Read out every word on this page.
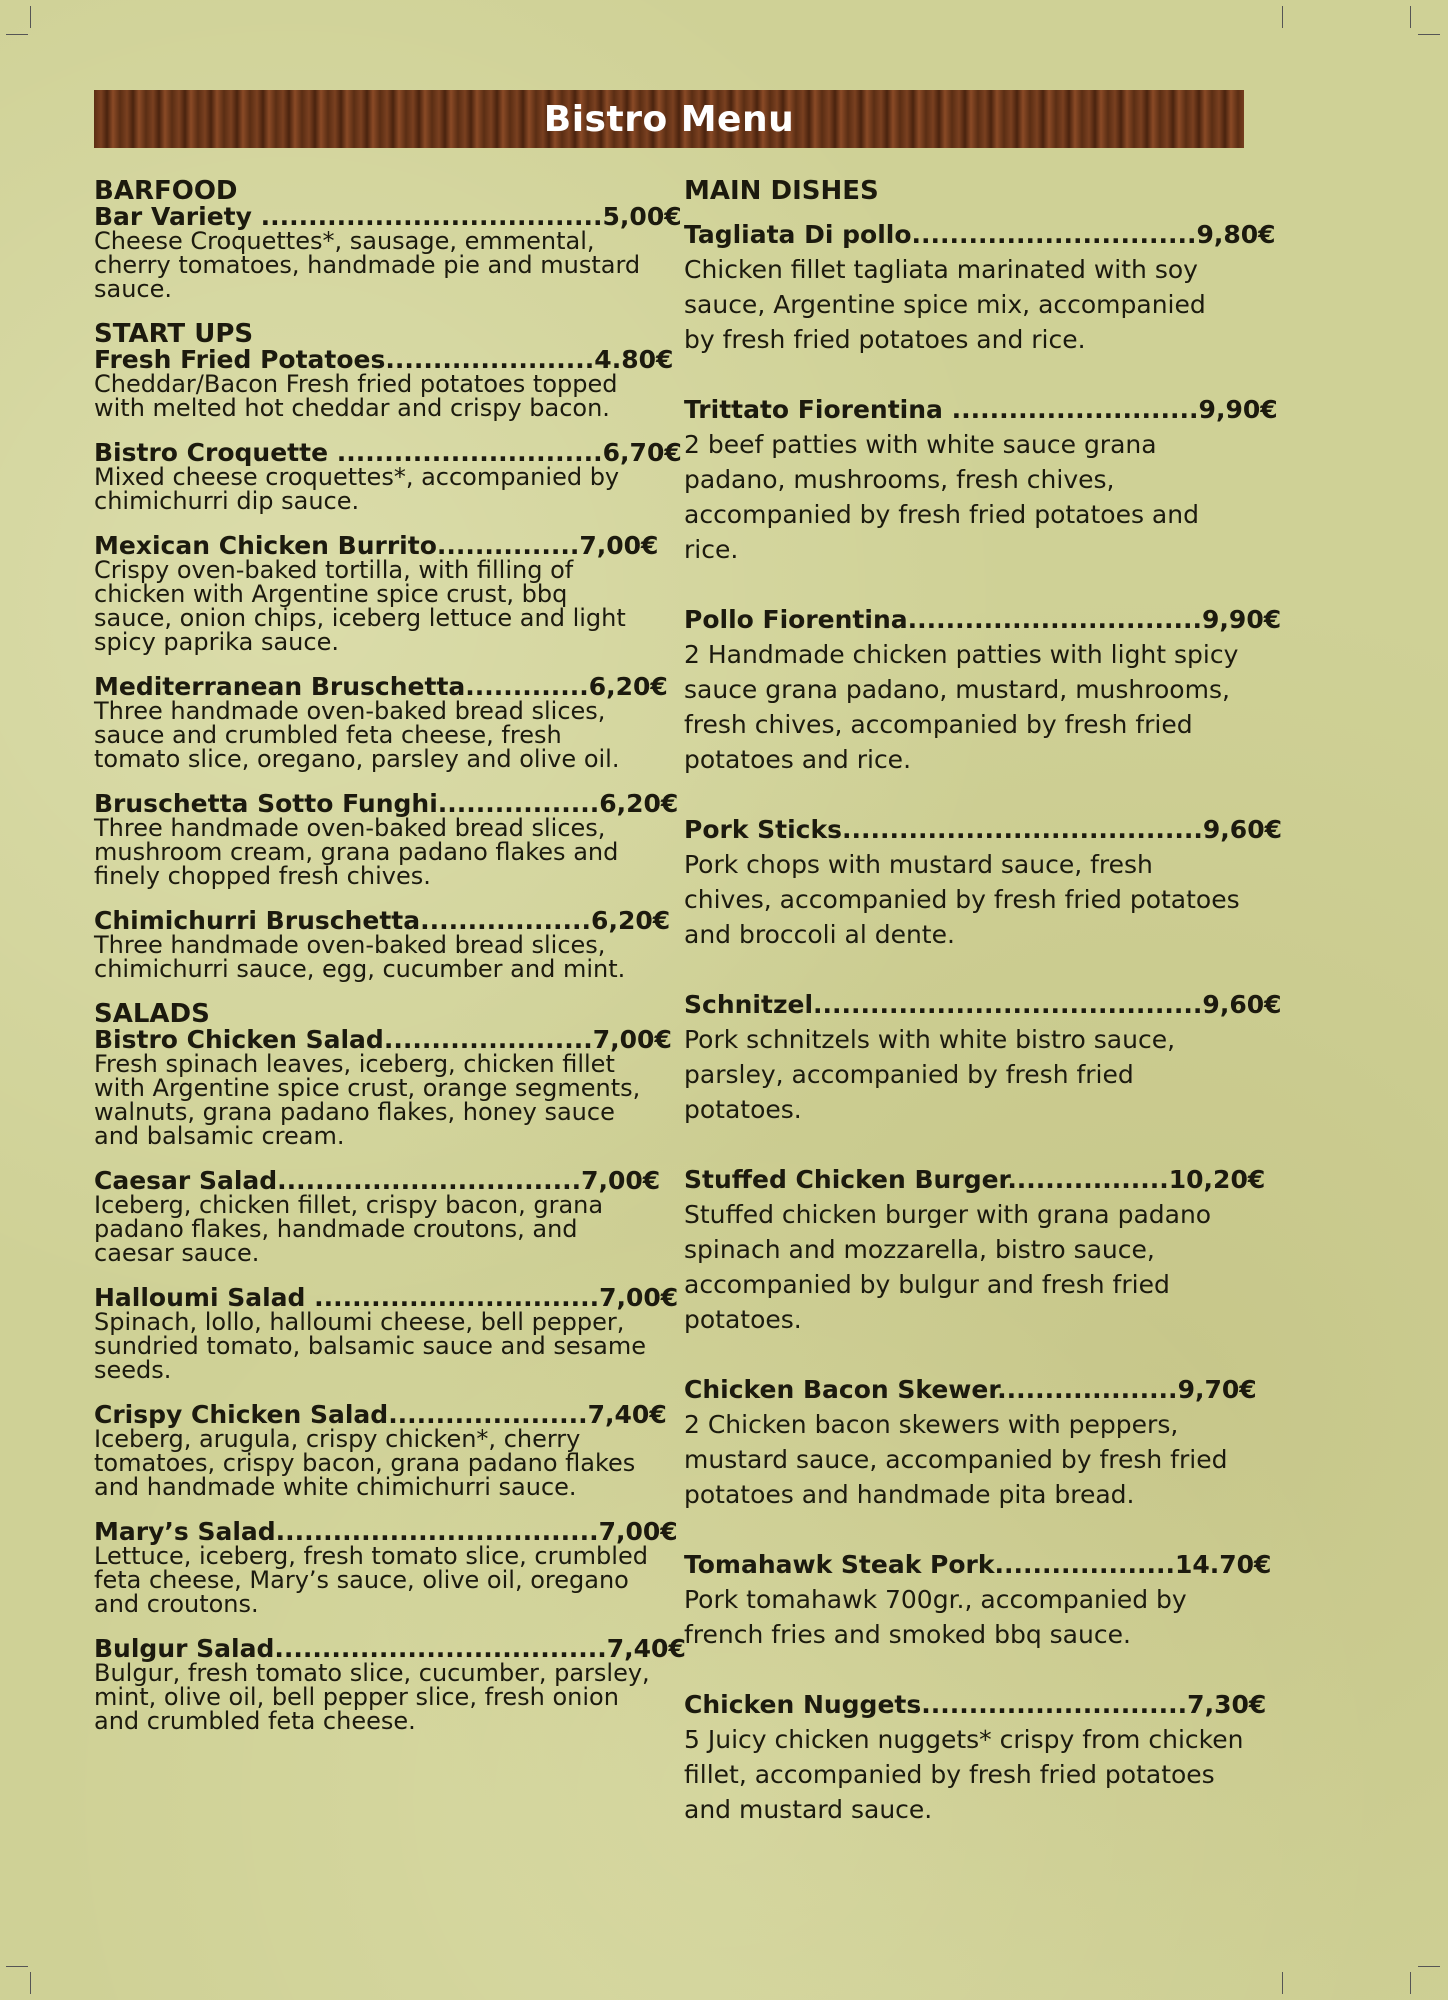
Bistro Menu
BARFOOD
Bar Variety ....................................5,00€
Cheese Croquettes*, sausage, emmental, cherry tomatoes, handmade pie and mustard sauce.
START UPS
Fresh Fried Potatoes......................4.80€
Cheddar/Bacon Fresh fried potatoes topped with melted hot cheddar and crispy bacon.
Bistro Croquette ............................6,70€
Mixed cheese croquettes*, accompanied by chimichurri dip sauce.
Mexican Chicken Burrito...............7,00€
Crispy oven-baked tortilla, with filling of chicken with Argentine spice crust, bbq sauce, onion chips, iceberg lettuce and light spicy paprika sauce.
Mediterranean Bruschetta.............6,20€
Three handmade oven-baked bread slices, sauce and crumbled feta cheese, fresh tomato slice, oregano, parsley and olive oil.
Bruschetta Sotto Funghi.................6,20€
Three handmade oven-baked bread slices, mushroom cream, grana padano flakes and finely chopped fresh chives.
Chimichurri Bruschetta..................6,20€
Three handmade oven-baked bread slices, chimichurri sauce, egg, cucumber and mint.
SALADS
Bistro Chicken Salad......................7,00€
Fresh spinach leaves, iceberg, chicken fillet with Argentine spice crust, orange segments, walnuts, grana padano flakes, honey sauce and balsamic cream.
Caesar Salad................................7,00€
Iceberg, chicken fillet, crispy bacon, grana padano flakes, handmade croutons, and caesar sauce.
Halloumi Salad ..............................7,00€
Spinach, lollo, halloumi cheese, bell pepper, sundried tomato, balsamic sauce and sesame seeds.
Crispy Chicken Salad.....................7,40€
Iceberg, arugula, crispy chicken*, cherry tomatoes, crispy bacon, grana padano flakes and handmade white chimichurri sauce.
Mary’s Salad..................................7,00€
Lettuce, iceberg, fresh tomato slice, crumbled feta cheese, Mary’s sauce, olive oil, oregano and croutons.
Bulgur Salad...................................7,40€
Bulgur, fresh tomato slice, cucumber, parsley, mint, olive oil, bell pepper slice, fresh onion and crumbled feta cheese.
MAIN DISHES
Tagliata Di pollo..............................9,80€
Chicken fillet tagliata marinated with soy sauce, Argentine spice mix, accompanied by fresh fried potatoes and rice.
Trittato Fiorentina ..........................9,90€
2 beef patties with white sauce grana padano, mushrooms, fresh chives, accompanied by fresh fried potatoes and rice.
Pollo Fiorentina...............................9,90€
2 Handmade chicken patties with light spicy sauce grana padano, mustard, mushrooms, fresh chives, accompanied by fresh fried potatoes and rice.
Pork Sticks......................................9,60€
Pork chops with mustard sauce, fresh chives, accompanied by fresh fried potatoes and broccoli al dente.
Schnitzel.........................................9,60€
Pork schnitzels with white bistro sauce, parsley, accompanied by fresh fried potatoes.
Stuffed Chicken Burger.................10,20€
Stuffed chicken burger with grana padano spinach and mozzarella, bistro sauce, accompanied by bulgur and fresh fried potatoes.
Chicken Bacon Skewer...................9,70€
2 Chicken bacon skewers with peppers, mustard sauce, accompanied by fresh fried potatoes and handmade pita bread.
Tomahawk Steak Pork...................14.70€
Pork tomahawk 700gr., accompanied by french fries and smoked bbq sauce.
Chicken Nuggets............................7,30€
5 Juicy chicken nuggets* crispy from chicken fillet, accompanied by fresh fried potatoes and mustard sauce.
